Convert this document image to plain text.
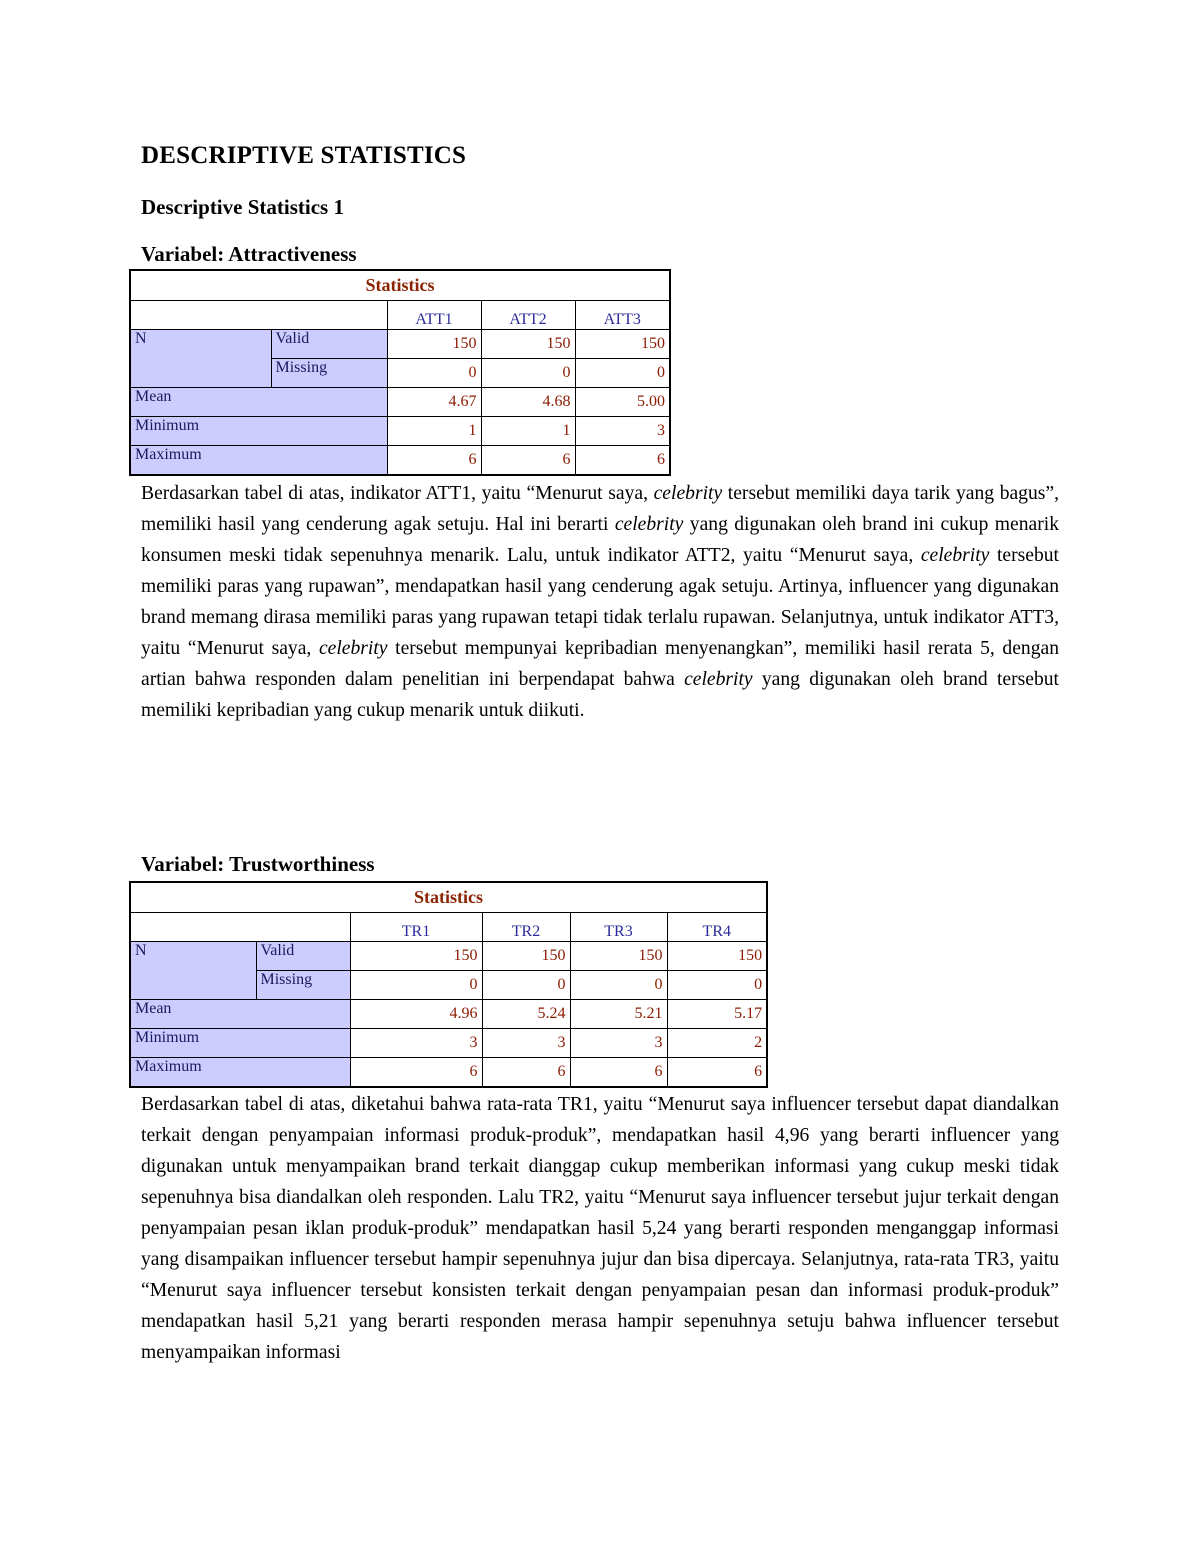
DESCRIPTIVE STATISTICS
Descriptive Statistics 1
Variabel: Attractiveness
Statistics				
		ATT1	ATT2	ATT3
N	Valid	150	150	150
	Missing	0	0	0
Mean		4.67	4.68	5.00
Minimum		1	1	3
Maximum		6	6	6

Berdasarkan tabel di atas, indikator ATT1, yaitu “Menurut saya, celebrity tersebut memiliki daya tarik yang bagus”, memiliki hasil yang cenderung agak setuju. Hal ini berarti celebrity yang digunakan oleh brand ini cukup menarik konsumen meski tidak sepenuhnya menarik. Lalu, untuk indikator ATT2, yaitu “Menurut saya, celebrity tersebut memiliki paras yang rupawan”, mendapatkan hasil yang cenderung agak setuju. Artinya, influencer yang digunakan brand memang dirasa memiliki paras yang rupawan tetapi tidak terlalu rupawan. Selanjutnya, untuk indikator ATT3, yaitu “Menurut saya, celebrity tersebut mempunyai kepribadian menyenangkan”, memiliki hasil rerata 5, dengan artian bahwa responden dalam penelitian ini berpendapat bahwa celebrity yang digunakan oleh brand tersebut memiliki kepribadian yang cukup menarik untuk diikuti.

Variabel: Trustworthiness
Statistics					
		TR1	TR2	TR3	TR4
N	Valid	150	150	150	150
	Missing	0	0	0	0
Mean		4.96	5.24	5.21	5.17
Minimum		3	3	3	2
Maximum		6	6	6	6

Berdasarkan tabel di atas, diketahui bahwa rata-rata TR1, yaitu “Menurut saya influencer tersebut dapat diandalkan terkait dengan penyampaian informasi produk-produk”, mendapatkan hasil 4,96 yang berarti influencer yang digunakan untuk menyampaikan brand terkait dianggap cukup memberikan informasi yang cukup meski tidak sepenuhnya bisa diandalkan oleh responden. Lalu TR2, yaitu “Menurut saya influencer tersebut jujur terkait dengan penyampaian pesan iklan produk-produk” mendapatkan hasil 5,24 yang berarti responden menganggap informasi yang disampaikan influencer tersebut hampir sepenuhnya jujur dan bisa dipercaya. Selanjutnya, rata-rata TR3, yaitu “Menurut saya influencer tersebut konsisten terkait dengan penyampaian pesan dan informasi produk-produk” mendapatkan hasil 5,21 yang berarti responden merasa hampir sepenuhnya setuju bahwa influencer tersebut menyampaikan informasi
